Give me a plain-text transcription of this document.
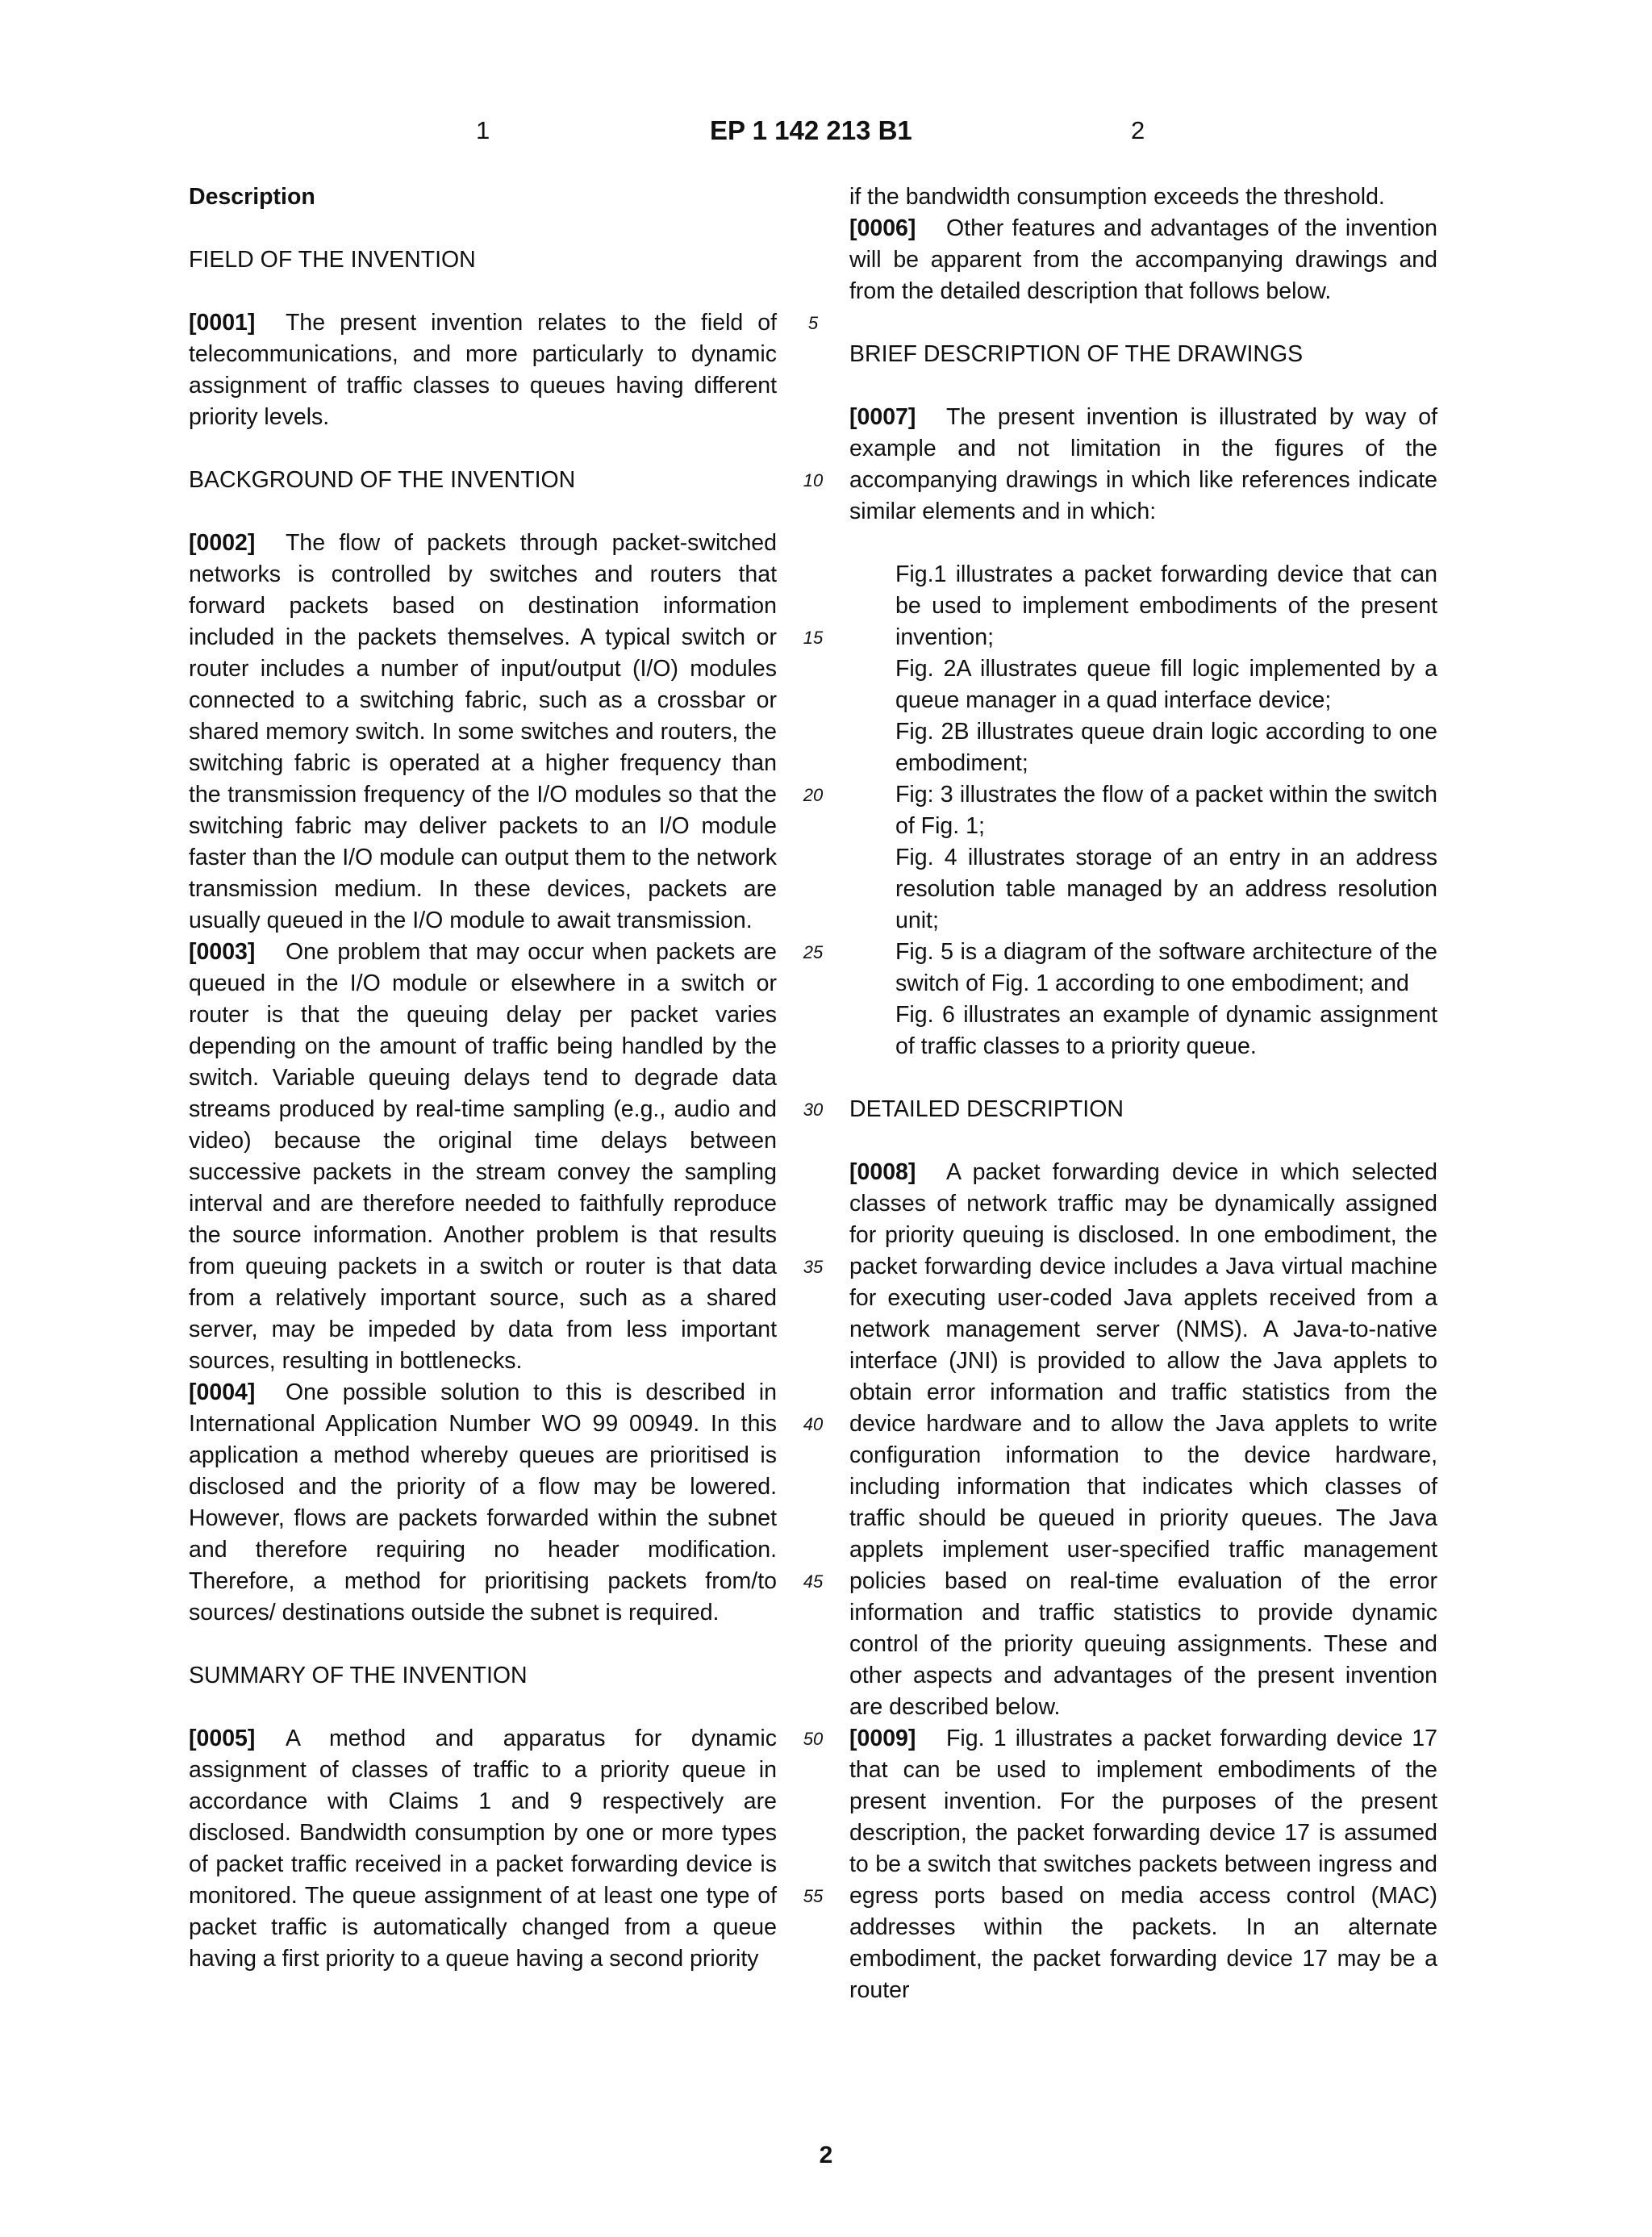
1	EP 1 142 213 B1	2

Description

FIELD OF THE INVENTION

[0001] The present invention relates to the field of telecommunications, and more particularly to dynamic assignment of traffic classes to queues having different priority levels.

BACKGROUND OF THE INVENTION

[0002] The flow of packets through packet-switched networks is controlled by switches and routers that forward packets based on destination information included in the packets themselves. A typical switch or router includes a number of input/output (I/O) modules connected to a switching fabric, such as a crossbar or shared memory switch. In some switches and routers, the switching fabric is operated at a higher frequency than the transmission frequency of the I/O modules so that the switching fabric may deliver packets to an I/O module faster than the I/O module can output them to the network transmission medium. In these devices, packets are usually queued in the I/O module to await transmission.

[0003] One problem that may occur when packets are queued in the I/O module or elsewhere in a switch or router is that the queuing delay per packet varies depending on the amount of traffic being handled by the switch. Variable queuing delays tend to degrade data streams produced by real-time sampling (e.g., audio and video) because the original time delays between successive packets in the stream convey the sampling interval and are therefore needed to faithfully reproduce the source information. Another problem is that results from queuing packets in a switch or router is that data from a relatively important source, such as a shared server, may be impeded by data from less important sources, resulting in bottlenecks.

[0004] One possible solution to this is described in International Application Number WO 99 00949. In this application a method whereby queues are prioritised is disclosed and the priority of a flow may be lowered. However, flows are packets forwarded within the subnet and therefore requiring no header modification. Therefore, a method for prioritising packets from/to sources/ destinations outside the subnet is required.

SUMMARY OF THE INVENTION

[0005] A method and apparatus for dynamic assignment of classes of traffic to a priority queue in accordance with Claims 1 and 9 respectively are disclosed. Bandwidth consumption by one or more types of packet traffic received in a packet forwarding device is monitored. The queue assignment of at least one type of packet traffic is automatically changed from a queue having a first priority to a queue having a second priority

if the bandwidth consumption exceeds the threshold.

[0006] Other features and advantages of the invention will be apparent from the accompanying drawings and from the detailed description that follows below.

BRIEF DESCRIPTION OF THE DRAWINGS

[0007] The present invention is illustrated by way of example and not limitation in the figures of the accompanying drawings in which like references indicate similar elements and in which:

Fig.1 illustrates a packet forwarding device that can be used to implement embodiments of the present invention;

Fig. 2A illustrates queue fill logic implemented by a queue manager in a quad interface device;

Fig. 2B illustrates queue drain logic according to one embodiment;

Fig: 3 illustrates the flow of a packet within the switch of Fig. 1;

Fig. 4 illustrates storage of an entry in an address resolution table managed by an address resolution unit;

Fig. 5 is a diagram of the software architecture of the switch of Fig. 1 according to one embodiment; and

Fig. 6 illustrates an example of dynamic assignment of traffic classes to a priority queue.

DETAILED DESCRIPTION

[0008] A packet forwarding device in which selected classes of network traffic may be dynamically assigned for priority queuing is disclosed. In one embodiment, the packet forwarding device includes a Java virtual machine for executing user-coded Java applets received from a network management server (NMS). A Java-to-native interface (JNI) is provided to allow the Java applets to obtain error information and traffic statistics from the device hardware and to allow the Java applets to write configuration information to the device hardware, including information that indicates which classes of traffic should be queued in priority queues. The Java applets implement user-specified traffic management policies based on real-time evaluation of the error information and traffic statistics to provide dynamic control of the priority queuing assignments. These and other aspects and advantages of the present invention are described below.

[0009] Fig. 1 illustrates a packet forwarding device 17 that can be used to implement embodiments of the present invention. For the purposes of the present description, the packet forwarding device 17 is assumed to be a switch that switches packets between ingress and egress ports based on media access control (MAC) addresses within the packets. In an alternate embodiment, the packet forwarding device 17 may be a router

5
10
15
20
25
30
35
40
45
50
55
2
